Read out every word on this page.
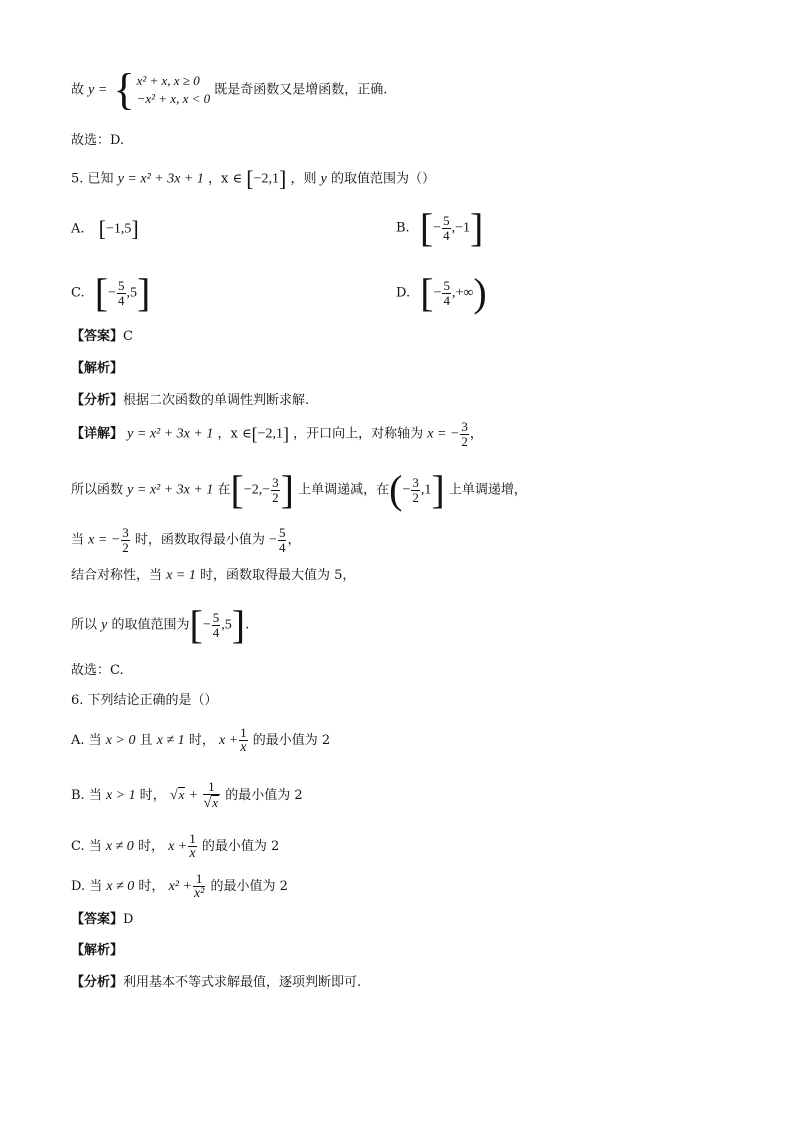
故 y = { x² + x, x ≥ 0
−x² + x, x < 0
既是奇函数又是增函数，正确.
故选：D.
5. 已知 y = x² + 3x + 1 ，x ∈ [−2,1] ，则 y 的取值范围为（）
A. [−1,5]	B. [− $\frac{5}{4} ,-1$]
C. [− $\frac{5}{4} ,5$]	D. [− $\frac{5}{4}$ ,+∞)
【答案】C
【解析】
【分析】根据二次函数的单调性判断求解.
【详解】 y = x² + 3x + 1 ，x ∈[−2,1] ，开口向上，对称轴为 x = − $\frac{3}{2}$ ，
所以函数 y = x² + 3x + 1 在[$-2,- \frac{3}{2}$ ] 上单调递减，在(− $\frac{3}{2} ,1$] 上单调递增，
当 x = − $\frac{3}{2}$ 时，函数取得最小值为 − $\frac{5}{4}$ ，
结合对称性，当 x = 1 时，函数取得最大值为 5，
所以 y 的取值范围为[− $\frac{5}{4} ,5$].
故选：C.
6. 下列结论正确的是（）
A. 当 x > 0 且 x ≠ 1 时， $x + \frac{1}{x}$ 的最小值为 2
B. 当 x > 1 时， $√x + \frac{1}{√x}$ 的最小值为 2
C. 当 x ≠ 0 时， $x + \frac{1}{x}$ 的最小值为 2
D. 当 x ≠ 0 时， $x^2 + \frac{1}{\text{x²}}$ 的最小值为 2
【答案】D
【解析】
【分析】利用基本不等式求解最值，逐项判断即可.
